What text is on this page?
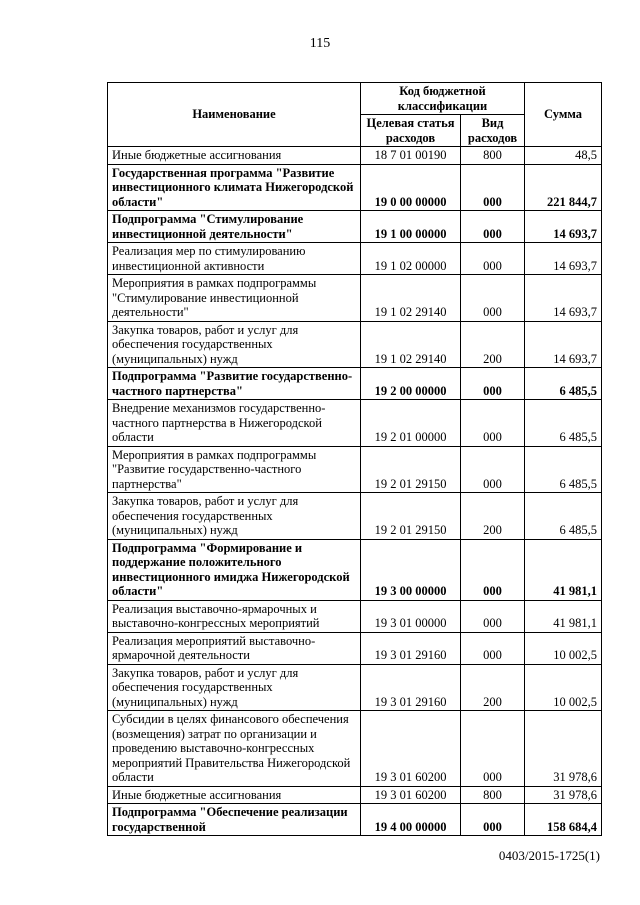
115
Наименование	Код бюджетной классификации		Сумма
	Целевая статья расходов	Вид расходов	
Иные бюджетные ассигнования	18 7 01 00190	800	48,5
Государственная программа "Развитие инвестиционного климата Нижегородской области"	19 0 00 00000	000	221 844,7
Подпрограмма "Стимулирование инвестиционной деятельности"	19 1 00 00000	000	14 693,7
Реализация мер по стимулированию инвестиционной активности	19 1 02 00000	000	14 693,7
Мероприятия в рамках подпрограммы "Стимулирование инвестиционной деятельности"	19 1 02 29140	000	14 693,7
Закупка товаров, работ и услуг для обеспечения государственных (муниципальных) нужд	19 1 02 29140	200	14 693,7
Подпрограмма "Развитие государственно-частного партнерства"	19 2 00 00000	000	6 485,5
Внедрение механизмов государственно-частного партнерства в Нижегородской области	19 2 01 00000	000	6 485,5
Мероприятия в рамках подпрограммы "Развитие государственно-частного партнерства"	19 2 01 29150	000	6 485,5
Закупка товаров, работ и услуг для обеспечения государственных (муниципальных) нужд	19 2 01 29150	200	6 485,5
Подпрограмма "Формирование и поддержание положительного инвестиционного имиджа Нижегородской области"	19 3 00 00000	000	41 981,1
Реализация выставочно-ярмарочных и выставочно-конгрессных мероприятий	19 3 01 00000	000	41 981,1
Реализация мероприятий выставочно-ярмарочной деятельности	19 3 01 29160	000	10 002,5
Закупка товаров, работ и услуг для обеспечения государственных (муниципальных) нужд	19 3 01 29160	200	10 002,5
Субсидии в целях финансового обеспечения (возмещения) затрат по организации и проведению выставочно-конгрессных мероприятий Правительства Нижегородской области	19 3 01 60200	000	31 978,6
Иные бюджетные ассигнования	19 3 01 60200	800	31 978,6
Подпрограмма "Обеспечение реализации государственной	19 4 00 00000	000	158 684,4
0403/2015-1725(1)
